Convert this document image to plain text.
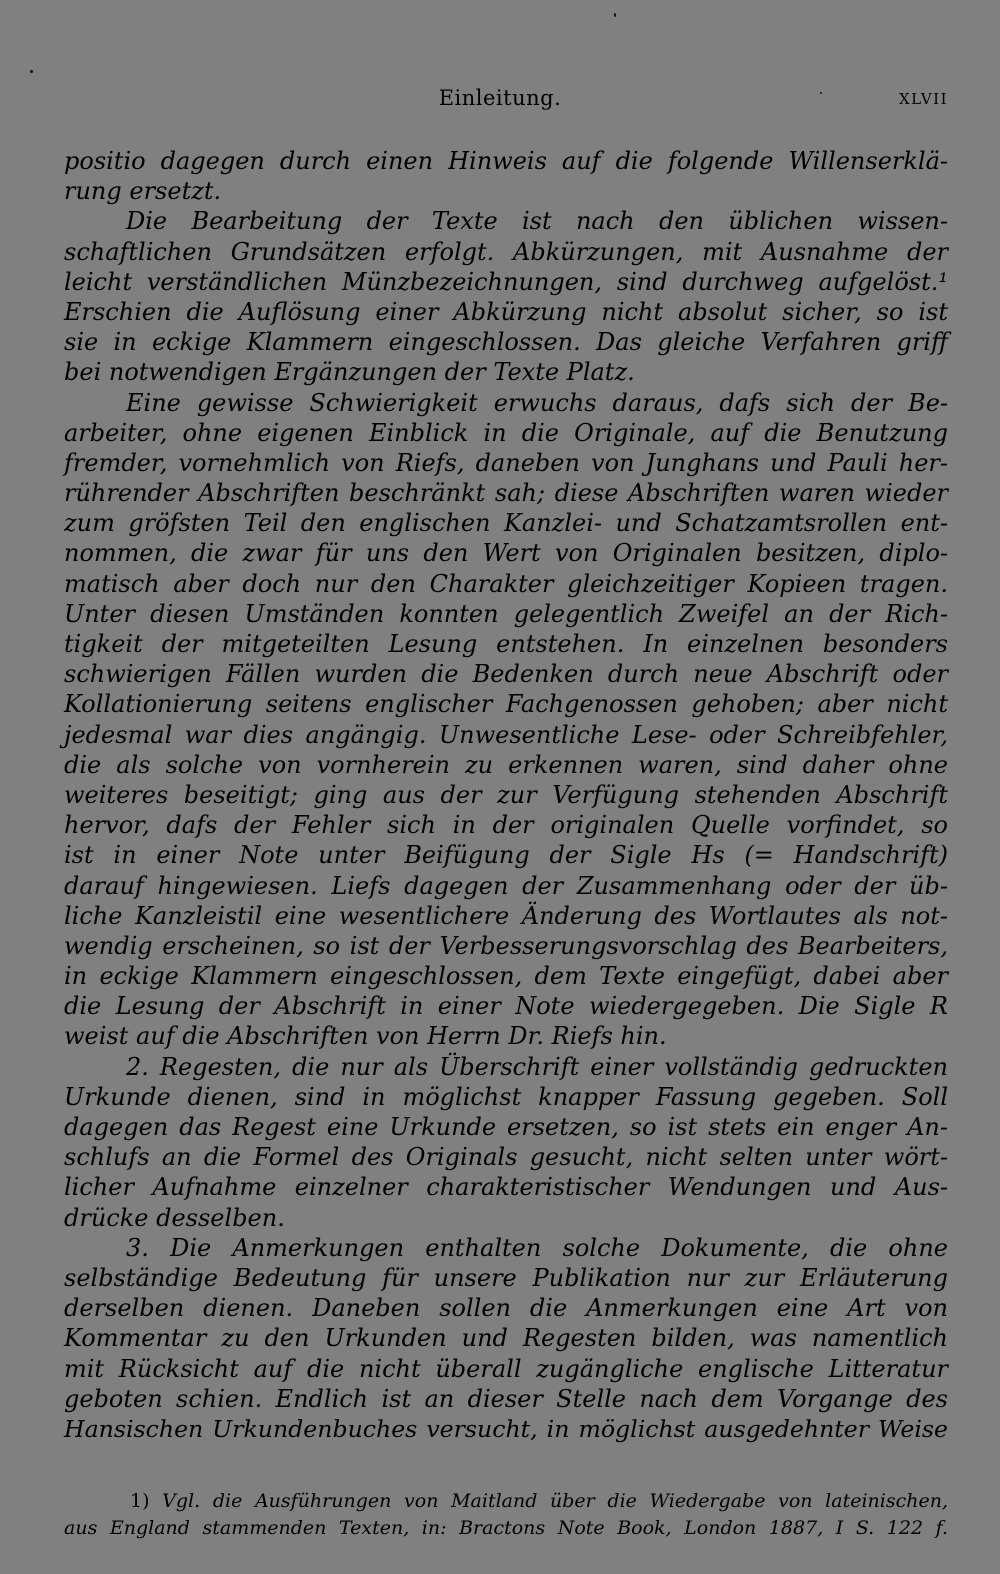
Einleitung.	XLVII
positio dagegen durch einen Hinweis auf die folgende Willenserklä-
rung ersetzt.
Die Bearbeitung der Texte ist nach den üblichen wissen-
schaftlichen Grundsätzen erfolgt. Abkürzungen, mit Ausnahme der
leicht verständlichen Münzbezeichnungen, sind durchweg aufgelöst.¹
Erschien die Auflösung einer Abkürzung nicht absolut sicher, so ist
sie in eckige Klammern eingeschlossen. Das gleiche Verfahren griff
bei notwendigen Ergänzungen der Texte Platz.
Eine gewisse Schwierigkeit erwuchs daraus, dafs sich der Be-
arbeiter, ohne eigenen Einblick in die Originale, auf die Benutzung
fremder, vornehmlich von Riefs, daneben von Junghans und Pauli her-
rührender Abschriften beschränkt sah; diese Abschriften waren wieder
zum gröfsten Teil den englischen Kanzlei- und Schatzamtsrollen ent-
nommen, die zwar für uns den Wert von Originalen besitzen, diplo-
matisch aber doch nur den Charakter gleichzeitiger Kopieen tragen.
Unter diesen Umständen konnten gelegentlich Zweifel an der Rich-
tigkeit der mitgeteilten Lesung entstehen. In einzelnen besonders
schwierigen Fällen wurden die Bedenken durch neue Abschrift oder
Kollationierung seitens englischer Fachgenossen gehoben; aber nicht
jedesmal war dies angängig. Unwesentliche Lese- oder Schreibfehler,
die als solche von vornherein zu erkennen waren, sind daher ohne
weiteres beseitigt; ging aus der zur Verfügung stehenden Abschrift
hervor, dafs der Fehler sich in der originalen Quelle vorfindet, so
ist in einer Note unter Beifügung der Sigle Hs (= Handschrift)
darauf hingewiesen. Liefs dagegen der Zusammenhang oder der üb-
liche Kanzleistil eine wesentlichere Änderung des Wortlautes als not-
wendig erscheinen, so ist der Verbesserungsvorschlag des Bearbeiters,
in eckige Klammern eingeschlossen, dem Texte eingefügt, dabei aber
die Lesung der Abschrift in einer Note wiedergegeben. Die Sigle R
weist auf die Abschriften von Herrn Dr. Riefs hin.
2. Regesten, die nur als Überschrift einer vollständig gedruckten
Urkunde dienen, sind in möglichst knapper Fassung gegeben. Soll
dagegen das Regest eine Urkunde ersetzen, so ist stets ein enger An-
schlufs an die Formel des Originals gesucht, nicht selten unter wört-
licher Aufnahme einzelner charakteristischer Wendungen und Aus-
drücke desselben.
3. Die Anmerkungen enthalten solche Dokumente, die ohne
selbständige Bedeutung für unsere Publikation nur zur Erläuterung
derselben dienen. Daneben sollen die Anmerkungen eine Art von
Kommentar zu den Urkunden und Regesten bilden, was namentlich
mit Rücksicht auf die nicht überall zugängliche englische Litteratur
geboten schien. Endlich ist an dieser Stelle nach dem Vorgange des
Hansischen Urkundenbuches versucht, in möglichst ausgedehnter Weise
1) Vgl. die Ausführungen von Maitland über die Wiedergabe von lateinischen,
aus England stammenden Texten, in: Bractons Note Book, London 1887, I S. 122 f.
